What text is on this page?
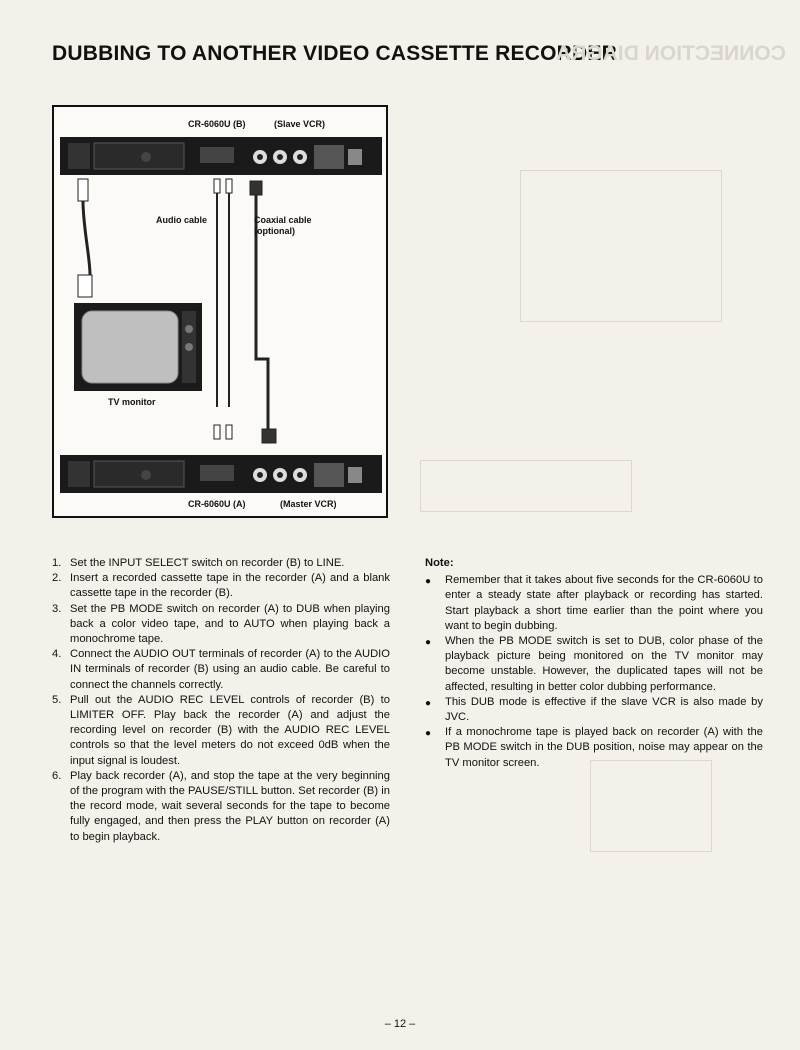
DUBBING TO ANOTHER VIDEO CASSETTE RECORDER
CONNECTION DIAGRA
CR-6060U (B)	(Slave VCR)
Audio cable	Coaxial cable
(optional)
TV monitor
CR-6060U (A)	(Master VCR)
1. Set the INPUT SELECT switch on recorder (B) to LINE.
2. Insert a recorded cassette tape in the recorder (A) and a blank cassette tape in the recorder (B).
3. Set the PB MODE switch on recorder (A) to DUB when playing back a color video tape, and to AUTO when playing back a monochrome tape.
4. Connect the AUDIO OUT terminals of recorder (A) to the AUDIO IN terminals of recorder (B) using an audio cable. Be careful to connect the channels correctly.
5. Pull out the AUDIO REC LEVEL controls of recorder (B) to LIMITER OFF. Play back the recorder (A) and adjust the recording level on recorder (B) with the AUDIO REC LEVEL controls so that the level meters do not exceed 0dB when the input signal is loudest.
6. Play back recorder (A), and stop the tape at the very beginning of the program with the PAUSE/STILL button. Set recorder (B) in the record mode, wait several seconds for the tape to become fully engaged, and then press the PLAY button on recorder (A) to begin playback.
Note:
●	Remember that it takes about five seconds for the CR-6060U to enter a steady state after playback or recording has started. Start playback a short time earlier than the point where you want to begin dubbing.
●	When the PB MODE switch is set to DUB, color phase of the playback picture being monitored on the TV monitor may become unstable. However, the duplicated tapes will not be affected, resulting in better color dubbing performance.
●	This DUB mode is effective if the slave VCR is also made by JVC.
●	If a monochrome tape is played back on recorder (A) with the PB MODE switch in the DUB position, noise may appear on the TV monitor screen.
– 12 –
